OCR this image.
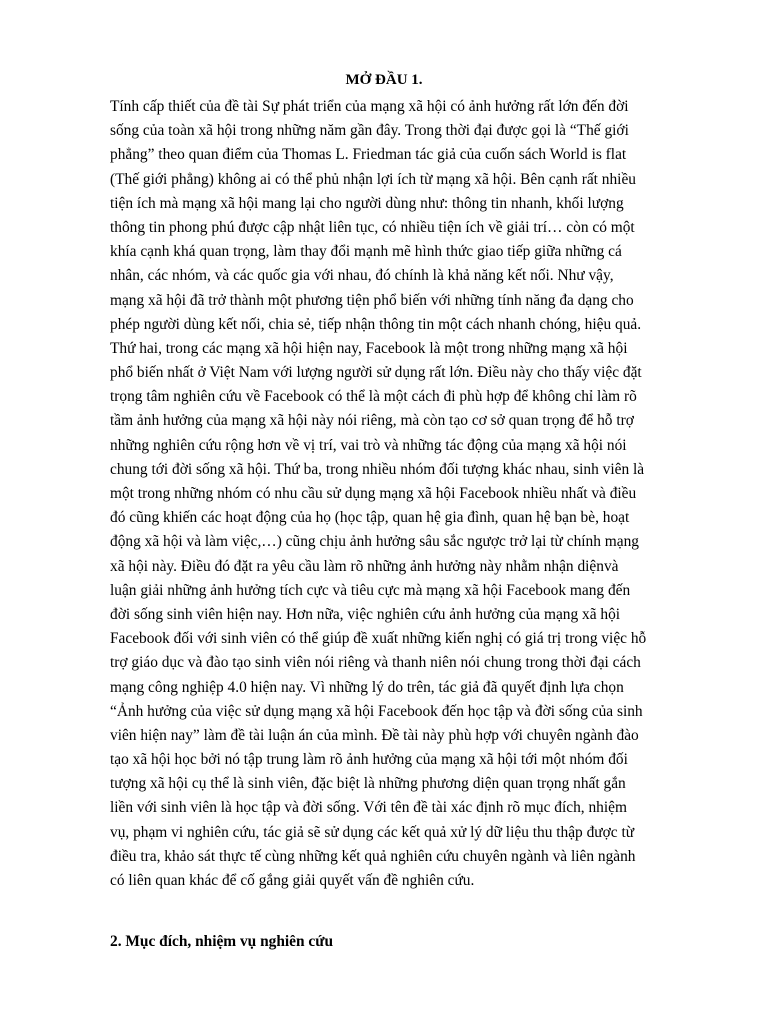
MỞ ĐẦU 1.
Tính cấp thiết của đề tài Sự phát triển của mạng xã hội có ảnh hưởng rất lớn đến đời
sống của toàn xã hội trong những năm gần đây. Trong thời đại được gọi là “Thế giới
phẳng” theo quan điểm của Thomas L. Friedman tác giả của cuốn sách World is flat
(Thế giới phẳng) không ai có thể phủ nhận lợi ích từ mạng xã hội. Bên cạnh rất nhiều
tiện ích mà mạng xã hội mang lại cho người dùng như: thông tin nhanh, khối lượng
thông tin phong phú được cập nhật liên tục, có nhiều tiện ích về giải trí… còn có một
khía cạnh khá quan trọng, làm thay đổi mạnh mẽ hình thức giao tiếp giữa những cá
nhân, các nhóm, và các quốc gia với nhau, đó chính là khả năng kết nối. Như vậy,
mạng xã hội đã trở thành một phương tiện phổ biến với những tính năng đa dạng cho
phép người dùng kết nối, chia sẻ, tiếp nhận thông tin một cách nhanh chóng, hiệu quả.
Thứ hai, trong các mạng xã hội hiện nay, Facebook là một trong những mạng xã hội
phổ biến nhất ở Việt Nam với lượng người sử dụng rất lớn. Điều này cho thấy việc đặt
trọng tâm nghiên cứu về Facebook có thể là một cách đi phù hợp để không chỉ làm rõ
tầm ảnh hưởng của mạng xã hội này nói riêng, mà còn tạo cơ sở quan trọng để hỗ trợ
những nghiên cứu rộng hơn về vị trí, vai trò và những tác động của mạng xã hội nói
chung tới đời sống xã hội. Thứ ba, trong nhiều nhóm đối tượng khác nhau, sinh viên là
một trong những nhóm có nhu cầu sử dụng mạng xã hội Facebook nhiều nhất và điều
đó cũng khiến các hoạt động của họ (học tập, quan hệ gia đình, quan hệ bạn bè, hoạt
động xã hội và làm việc,…) cũng chịu ảnh hưởng sâu sắc ngược trở lại từ chính mạng
xã hội này. Điều đó đặt ra yêu cầu làm rõ những ảnh hưởng này nhằm nhận diệnvà
luận giải những ảnh hưởng tích cực và tiêu cực mà mạng xã hội Facebook mang đến
đời sống sinh viên hiện nay. Hơn nữa, việc nghiên cứu ảnh hưởng của mạng xã hội
Facebook đối với sinh viên có thể giúp đề xuất những kiến nghị có giá trị trong việc hỗ
trợ giáo dục và đào tạo sinh viên nói riêng và thanh niên nói chung trong thời đại cách
mạng công nghiệp 4.0 hiện nay. Vì những lý do trên, tác giả đã quyết định lựa chọn
“Ảnh hưởng của việc sử dụng mạng xã hội Facebook đến học tập và đời sống của sinh
viên hiện nay” làm đề tài luận án của mình. Đề tài này phù hợp với chuyên ngành đào
tạo xã hội học bởi nó tập trung làm rõ ảnh hưởng của mạng xã hội tới một nhóm đối
tượng xã hội cụ thể là sinh viên, đặc biệt là những phương diện quan trọng nhất gắn
liền với sinh viên là học tập và đời sống. Với tên đề tài xác định rõ mục đích, nhiệm
vụ, phạm vi nghiên cứu, tác giả sẽ sử dụng các kết quả xử lý dữ liệu thu thập được từ
điều tra, khảo sát thực tế cùng những kết quả nghiên cứu chuyên ngành và liên ngành
có liên quan khác để cố gắng giải quyết vấn đề nghiên cứu.
2. Mục đích, nhiệm vụ nghiên cứu
